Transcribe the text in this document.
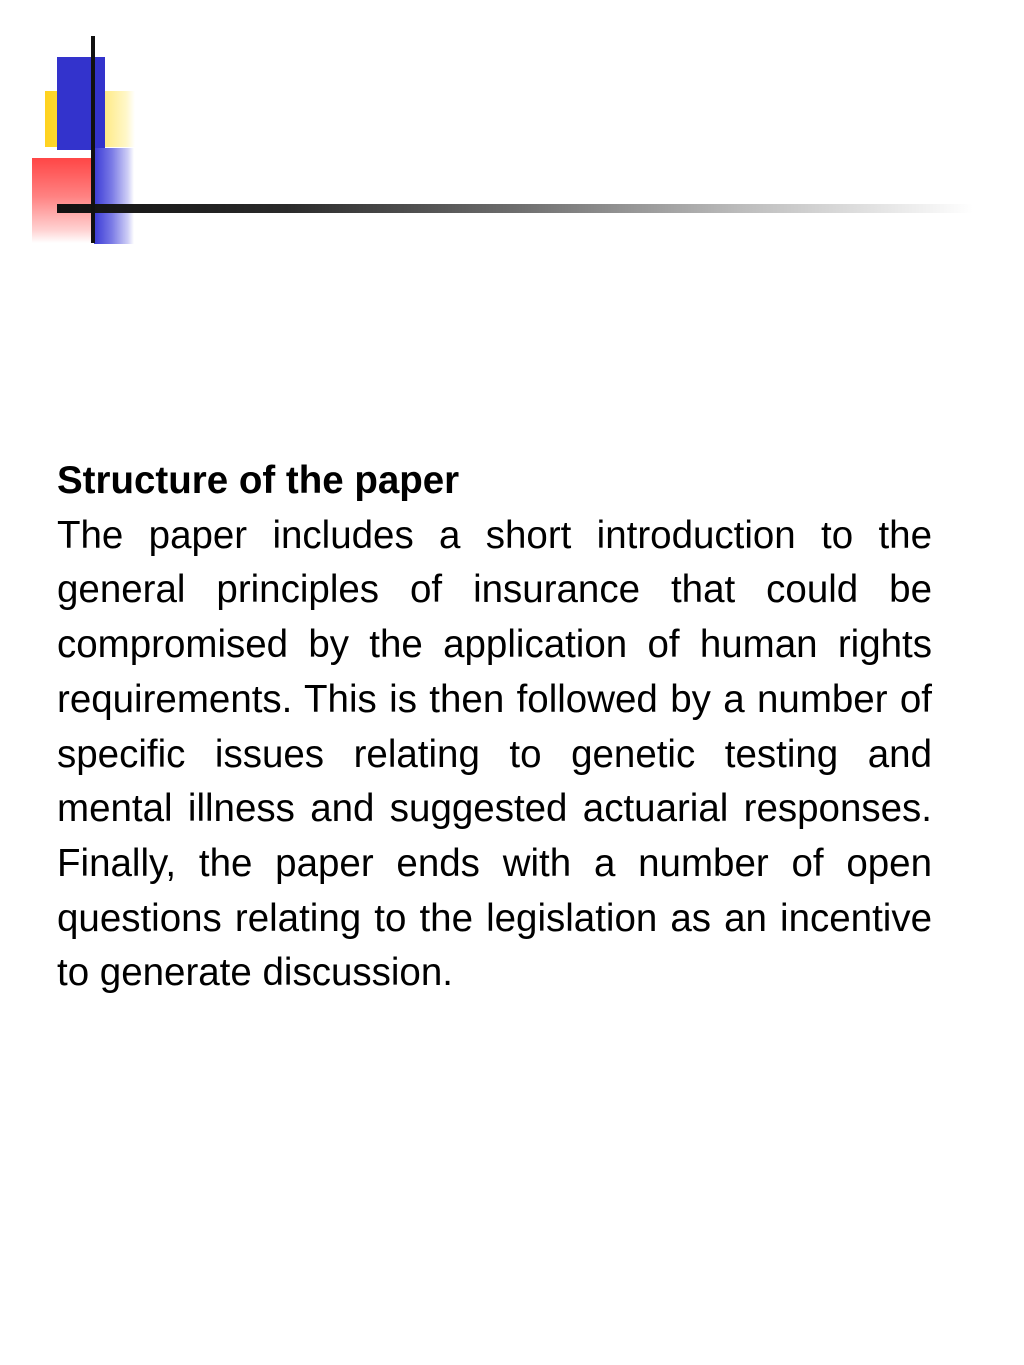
Structure of the paper

The paper includes a short introduction to the general principles of insurance that could be compromised by the application of human rights requirements. This is then followed by a number of specific issues relating to genetic testing and mental illness and suggested actuarial responses. Finally, the paper ends with a number of open questions relating to the legislation as an incentive to generate discussion.
